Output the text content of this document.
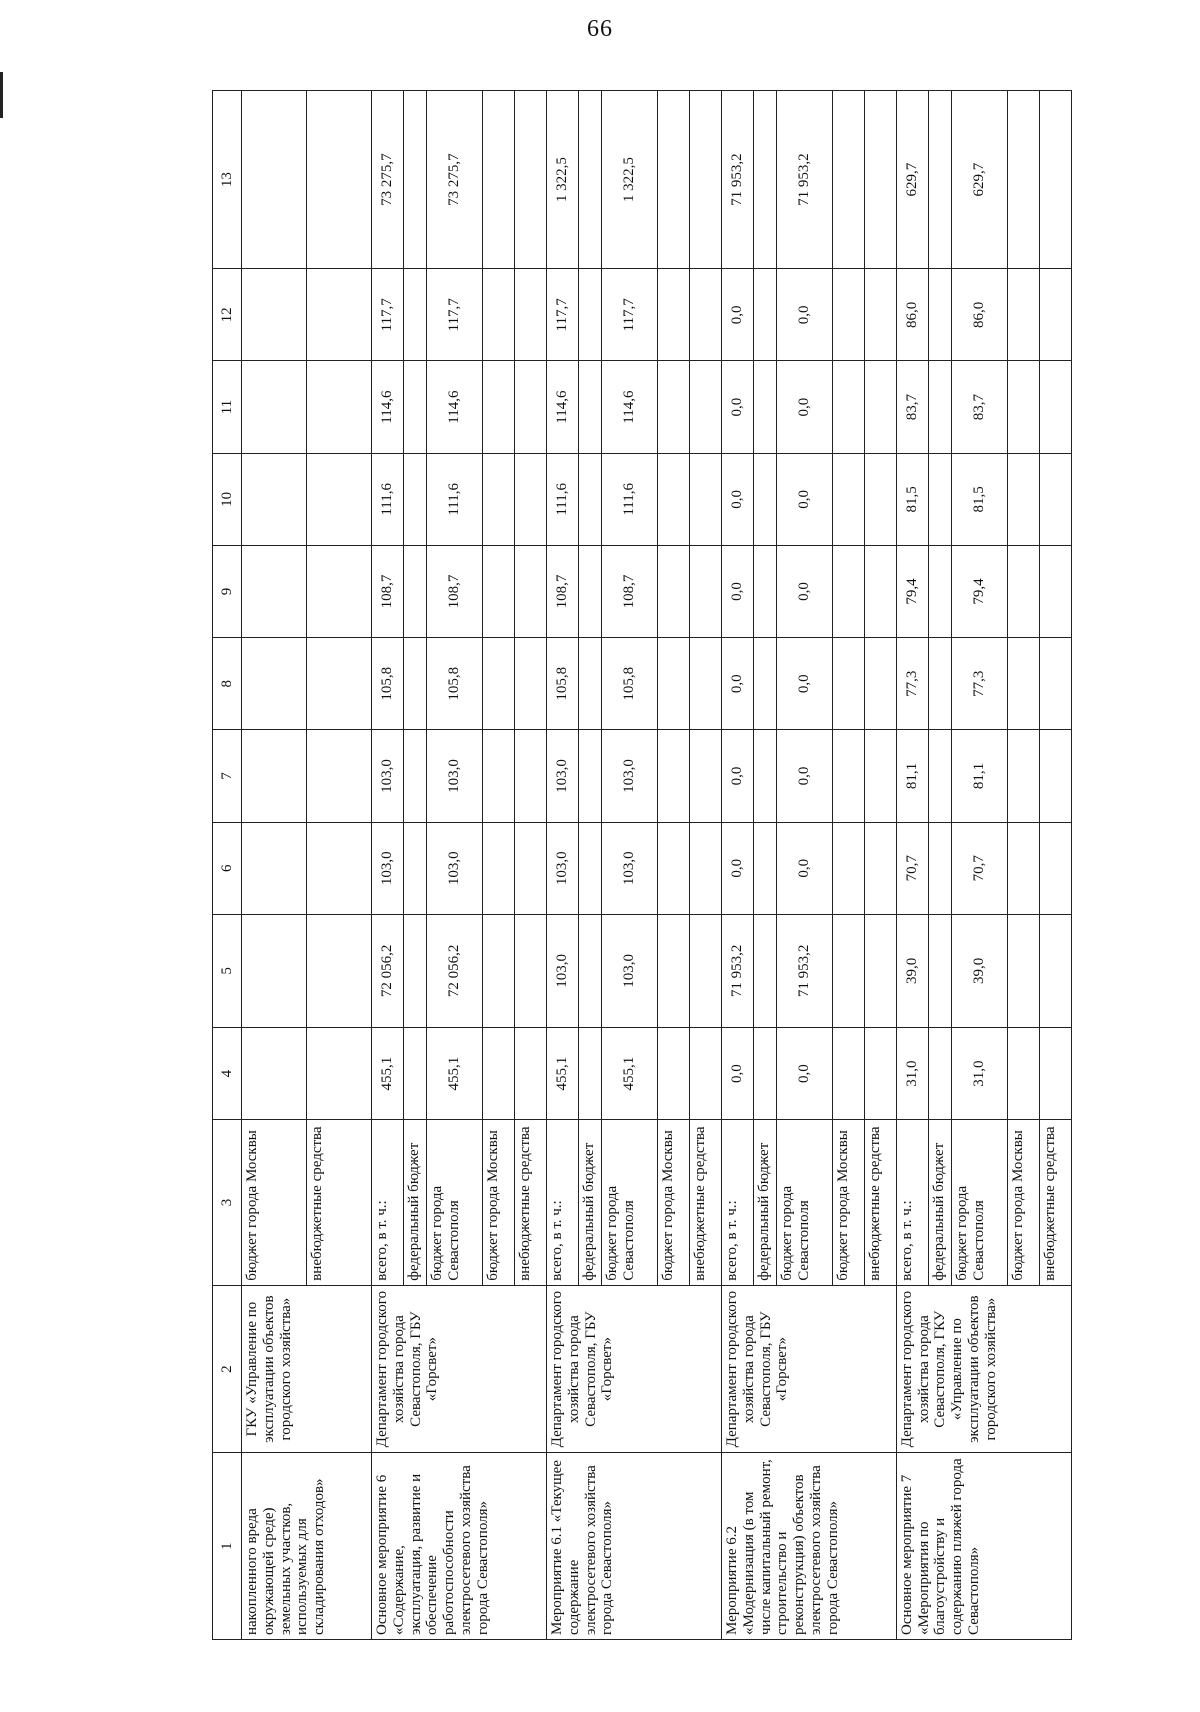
66
1	2	3	4	5	6	7	8	9	10	11	12	13
накопленного вреда окружающей среде) земельных участков, используемых для складирования отходов»	ГКУ «Управление по эксплуатации объектов городского хозяйства»	бюджет города Москвы										
		внебюджетные средства										
Основное мероприятие 6 «Содержание, эксплуатация, развитие и обеспечение работоспособности электросетевого хозяйства города Севастополя»	Департамент городского хозяйства города Севастополя, ГБУ «Горсвет»	всего, в т. ч.:	455,1	72 056,2	103,0	103,0	105,8	108,7	111,6	114,6	117,7	73 275,7
		федеральный бюджет										
		бюджет города Севастополя	455,1	72 056,2	103,0	103,0	105,8	108,7	111,6	114,6	117,7	73 275,7
		бюджет города Москвы										
		внебюджетные средства										
Мероприятие 6.1 «Текущее содержание электросетевого хозяйства города Севастополя»	Департамент городского хозяйства города Севастополя, ГБУ «Горсвет»	всего, в т. ч.:	455,1	103,0	103,0	103,0	105,8	108,7	111,6	114,6	117,7	1 322,5
		федеральный бюджет										
		бюджет города Севастополя	455,1	103,0	103,0	103,0	105,8	108,7	111,6	114,6	117,7	1 322,5
		бюджет города Москвы										
		внебюджетные средства										
Мероприятие 6.2 «Модернизация (в том числе капитальный ремонт, строительство и реконструкция) объектов электросетевого хозяйства города Севастополя»	Департамент городского хозяйства города Севастополя, ГБУ «Горсвет»	всего, в т. ч.:	0,0	71 953,2	0,0	0,0	0,0	0,0	0,0	0,0	0,0	71 953,2
		федеральный бюджет										
		бюджет города Севастополя	0,0	71 953,2	0,0	0,0	0,0	0,0	0,0	0,0	0,0	71 953,2
		бюджет города Москвы										
		внебюджетные средства										
Основное мероприятие 7 «Мероприятия по благоустройству и содержанию пляжей города Севастополя»	Департамент городского хозяйства города Севастополя, ГКУ «Управление по эксплуатации объектов городского хозяйства»	всего, в т. ч.:	31,0	39,0	70,7	81,1	77,3	79,4	81,5	83,7	86,0	629,7
		федеральный бюджет										
		бюджет города Севастополя	31,0	39,0	70,7	81,1	77,3	79,4	81,5	83,7	86,0	629,7
		бюджет города Москвы										
		внебюджетные средства										
